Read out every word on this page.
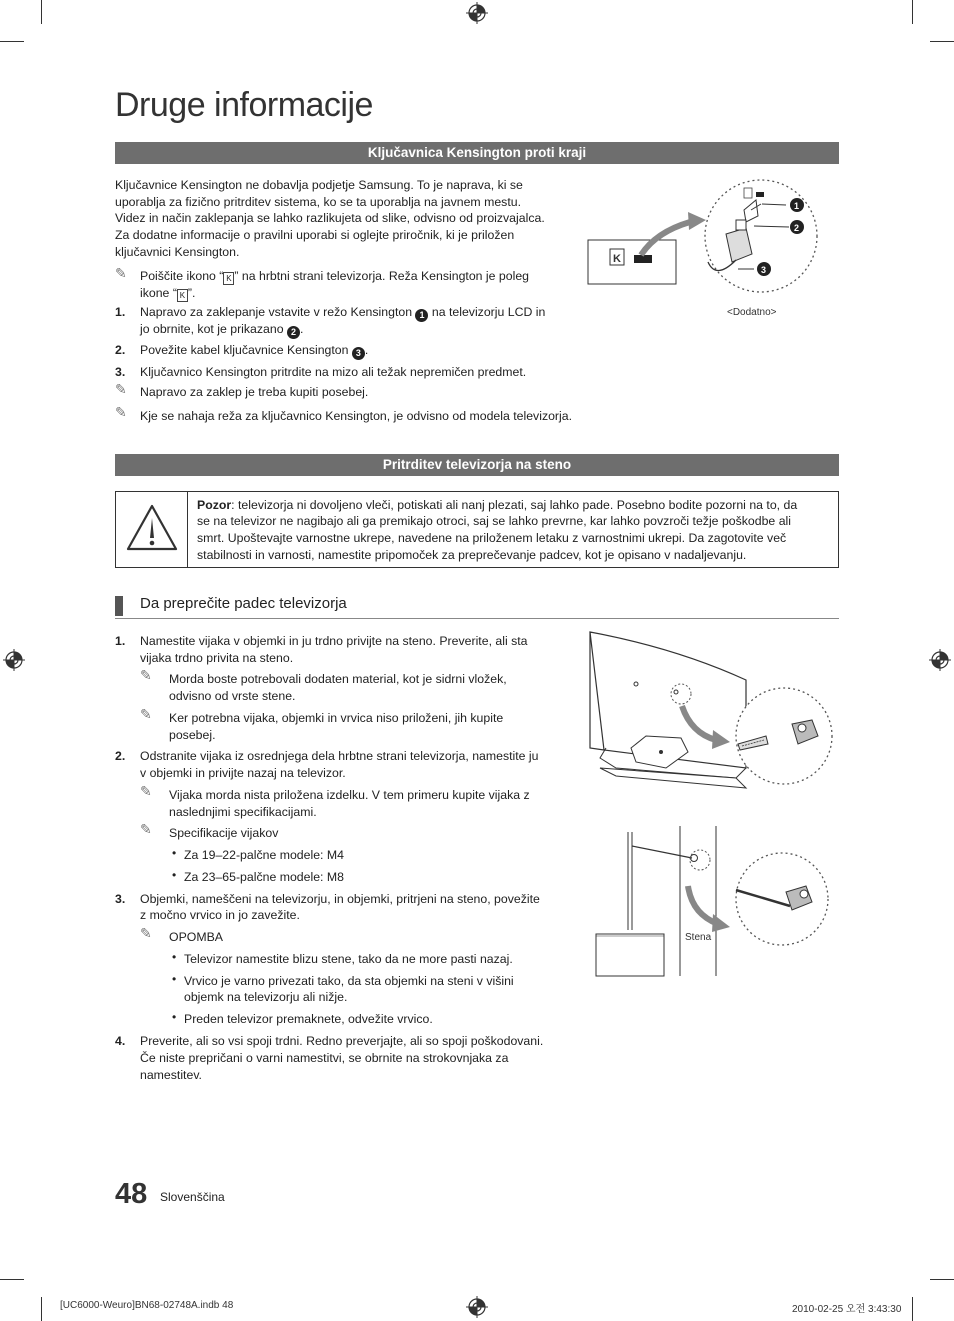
Druge informacije
Ključavnica Kensington proti kraji
Ključavnice Kensington ne dobavlja podjetje Samsung. To je naprava, ki se
uporablja za fizično pritrditev sistema, ko se ta uporablja na javnem mestu.
Videz in način zaklepanja se lahko razlikujeta od slike, odvisno od proizvajalca.
Za dodatne informacije o pravilni uporabi si oglejte priročnik, ki je priložen
ključavnici Kensington.
✎ Poiščite ikono “ K ” na hrbtni strani televizorja. Reža Kensington je poleg
ikone “ K ”.
1. Napravo za zaklepanje vstavite v režo Kensington 1 na televizorju LCD in
jo obrnite, kot je prikazano 2 .
2. Povežite kabel ključavnice Kensington 3 .
3. Ključavnico Kensington pritrdite na mizo ali težak nepremičen predmet.
✎ Napravo za zaklep je treba kupiti posebej.
✎ Kje se nahaja reža za ključavnico Kensington, je odvisno od modela televizorja.
K
1
2
3
<Dodatno>
Pritrditev televizorja na steno
Pozor: televizorja ni dovoljeno vleči, potiskati ali nanj plezati, saj lahko pade. Posebno bodite pozorni na to, da
se na televizor ne nagibajo ali ga premikajo otroci, saj se lahko prevrne, kar lahko povzroči težje poškodbe ali
smrt. Upoštevajte varnostne ukrepe, navedene na priloženem letaku z varnostnimi ukrepi. Da zagotovite več
stabilnosti in varnosti, namestite pripomoček za preprečevanje padcev, kot je opisano v nadaljevanju.
Da preprečite padec televizorja
1. Namestite vijaka v objemki in ju trdno privijte na steno. Preverite, ali sta
vijaka trdno privita na steno.
✎ Morda boste potrebovali dodaten material, kot je sidrni vložek,
odvisno od vrste stene.
✎ Ker potrebna vijaka, objemki in vrvica niso priloženi, jih kupite
posebej.
2. Odstranite vijaka iz osrednjega dela hrbtne strani televizorja, namestite ju
v objemki in privijte nazaj na televizor.
✎ Vijaka morda nista priložena izdelku. V tem primeru kupite vijaka z
naslednjimi specifikacijami.
✎ Specifikacije vijakov
• Za 19–22-palčne modele: M4
• Za 23–65-palčne modele: M8
3. Objemki, nameščeni na televizorju, in objemki, pritrjeni na steno, povežite
z močno vrvico in jo zavežite.
✎ OPOMBA
• Televizor namestite blizu stene, tako da ne more pasti nazaj.
• Vrvico je varno privezati tako, da sta objemki na steni v višini
objemk na televizorju ali nižje.
• Preden televizor premaknete, odvežite vrvico.
4. Preverite, ali so vsi spoji trdni. Redno preverjajte, ali so spoji poškodovani.
Če niste prepričani o varni namestitvi, se obrnite na strokovnjaka za
namestitev.
Stena
48 Slovenščina
[UC6000-Weuro]BN68-02748A.indb 48	2010-02-25 오전 3:43:30
